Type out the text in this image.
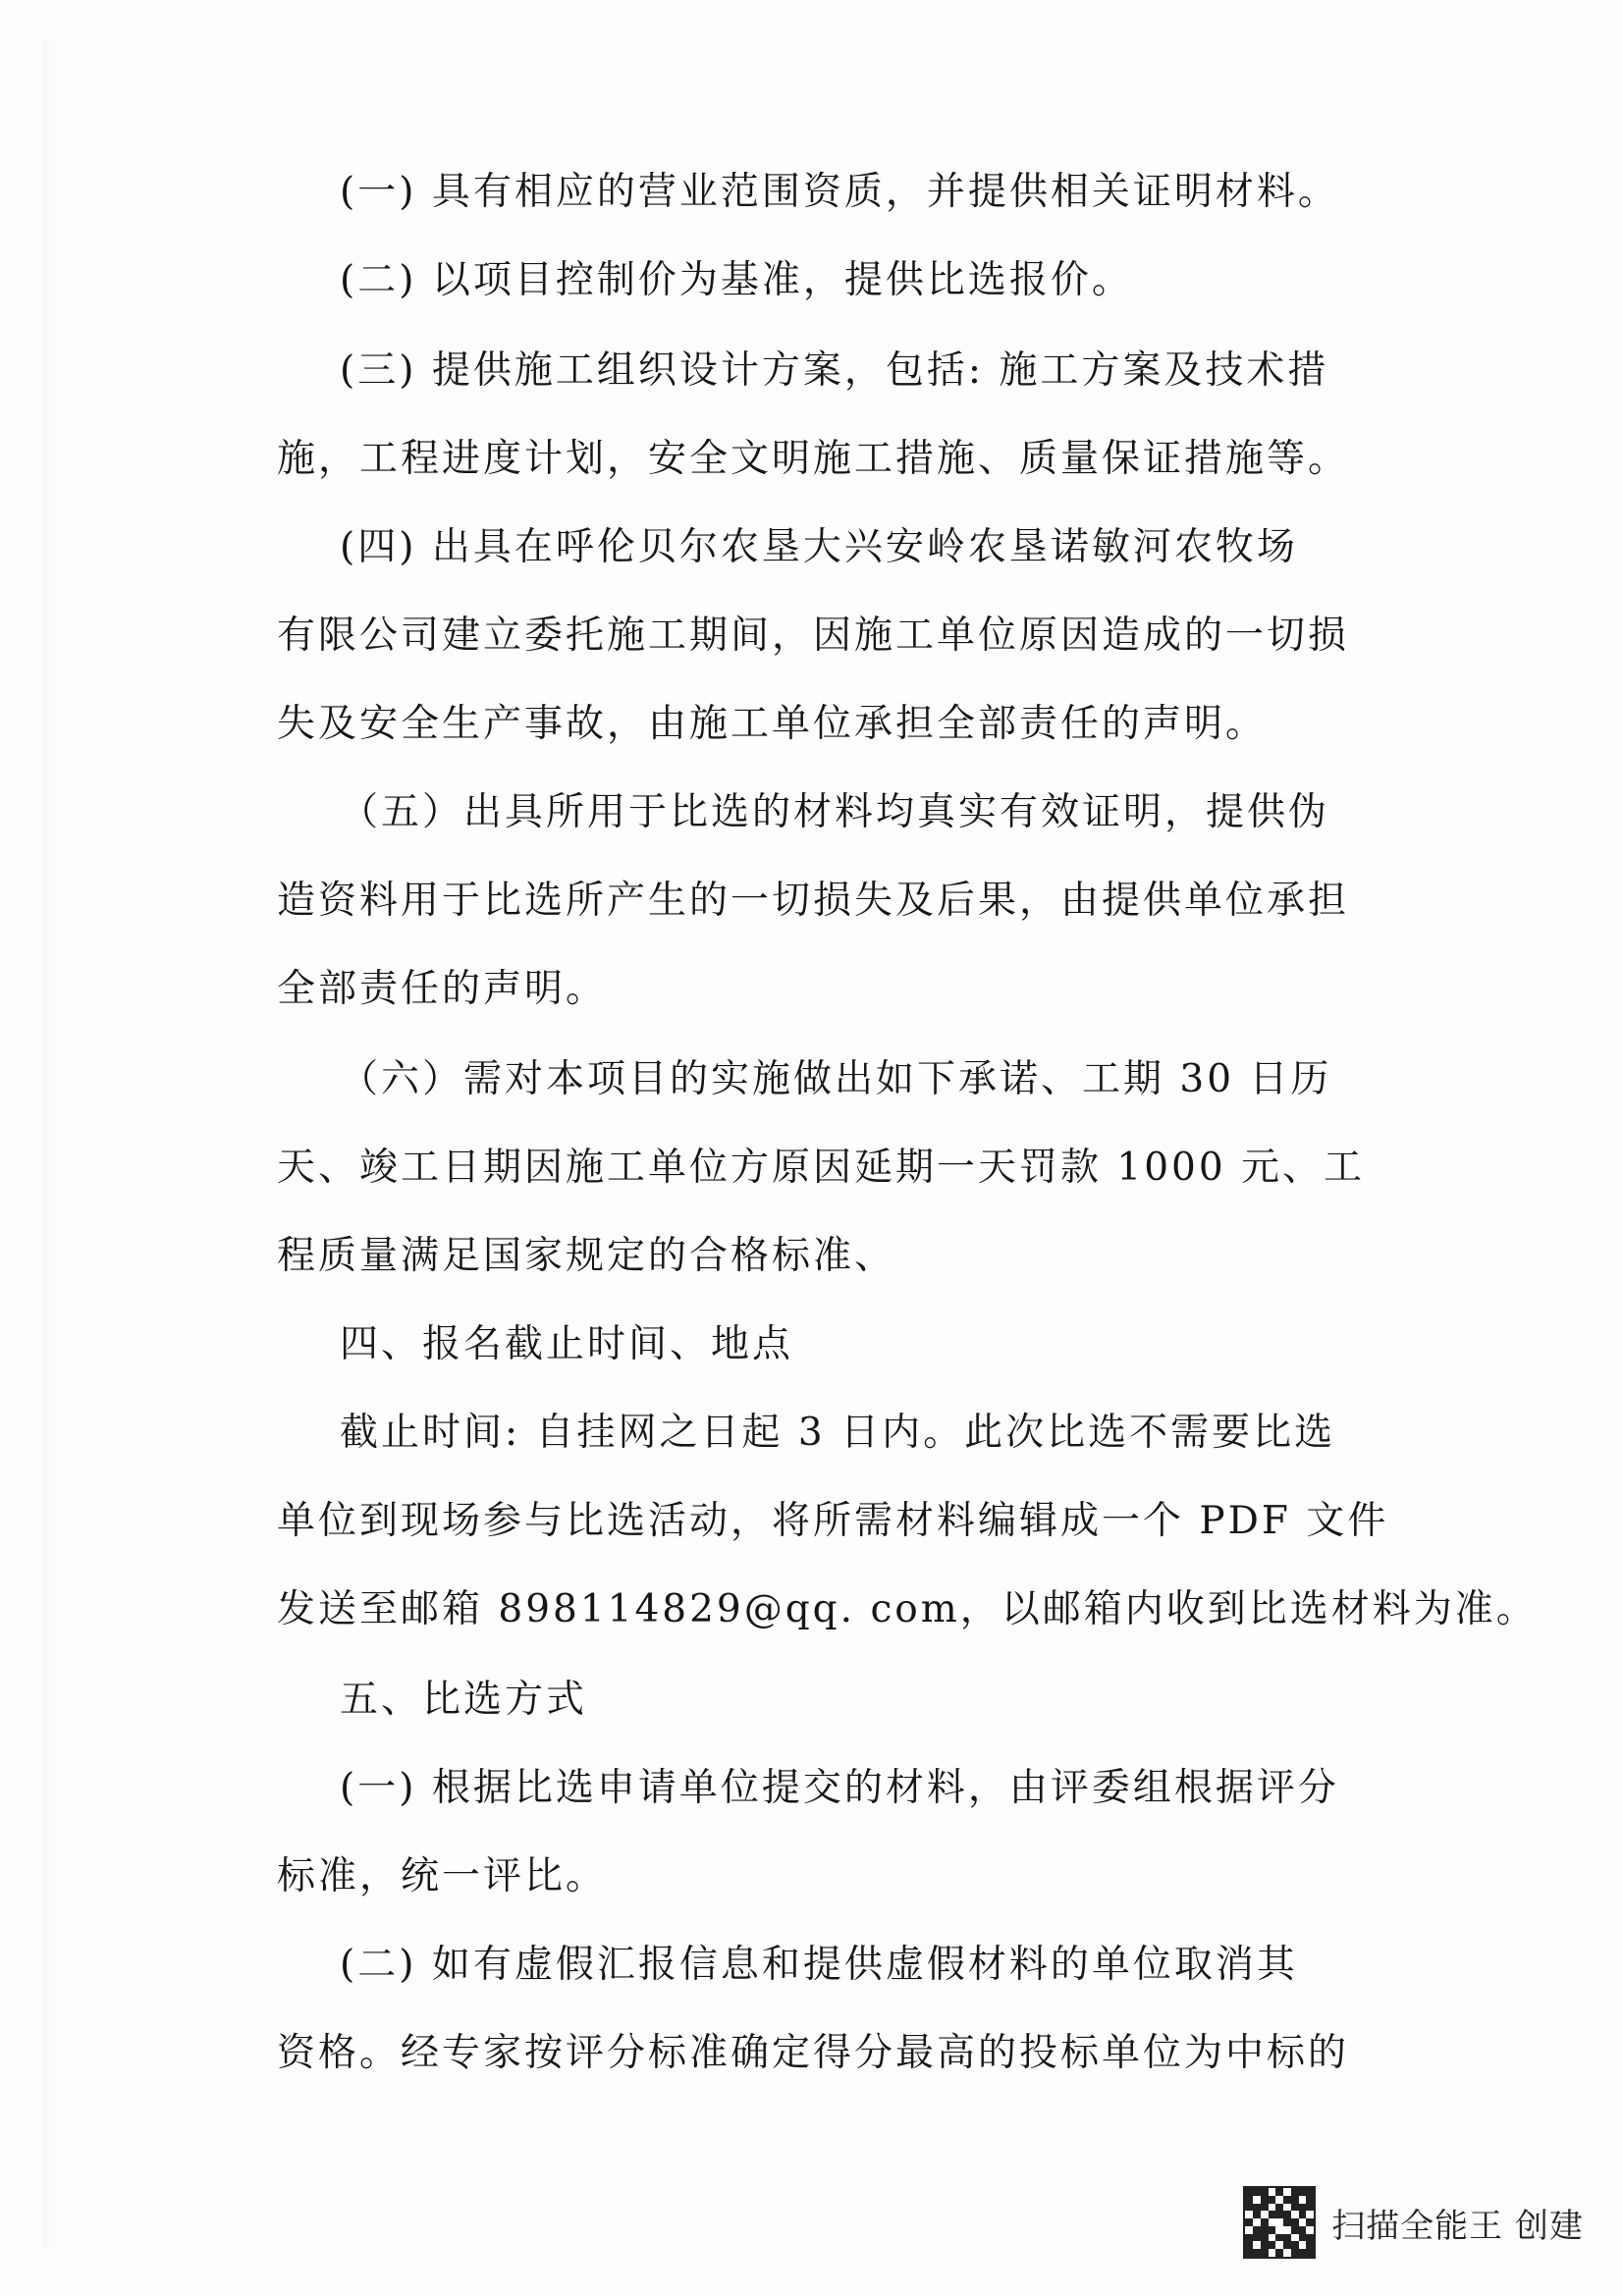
(一) 具有相应的营业范围资质，并提供相关证明材料。
(二) 以项目控制价为基准，提供比选报价。
(三) 提供施工组织设计方案，包括: 施工方案及技术措
施，工程进度计划，安全文明施工措施、质量保证措施等。
(四) 出具在呼伦贝尔农垦大兴安岭农垦诺敏河农牧场
有限公司建立委托施工期间，因施工单位原因造成的一切损
失及安全生产事故，由施工单位承担全部责任的声明。
（五）出具所用于比选的材料均真实有效证明，提供伪
造资料用于比选所产生的一切损失及后果，由提供单位承担
全部责任的声明。
（六）需对本项目的实施做出如下承诺、工期 30 日历
天、竣工日期因施工单位方原因延期一天罚款 1000 元、工
程质量满足国家规定的合格标准、
四、报名截止时间、地点
截止时间: 自挂网之日起 3 日内。此次比选不需要比选
单位到现场参与比选活动，将所需材料编辑成一个 PDF 文件
发送至邮箱 898114829@qq. com，以邮箱内收到比选材料为准。
五、比选方式
(一) 根据比选申请单位提交的材料，由评委组根据评分
标准，统一评比。
(二) 如有虚假汇报信息和提供虚假材料的单位取消其
资格。经专家按评分标准确定得分最高的投标单位为中标的
扫描全能王 创建
